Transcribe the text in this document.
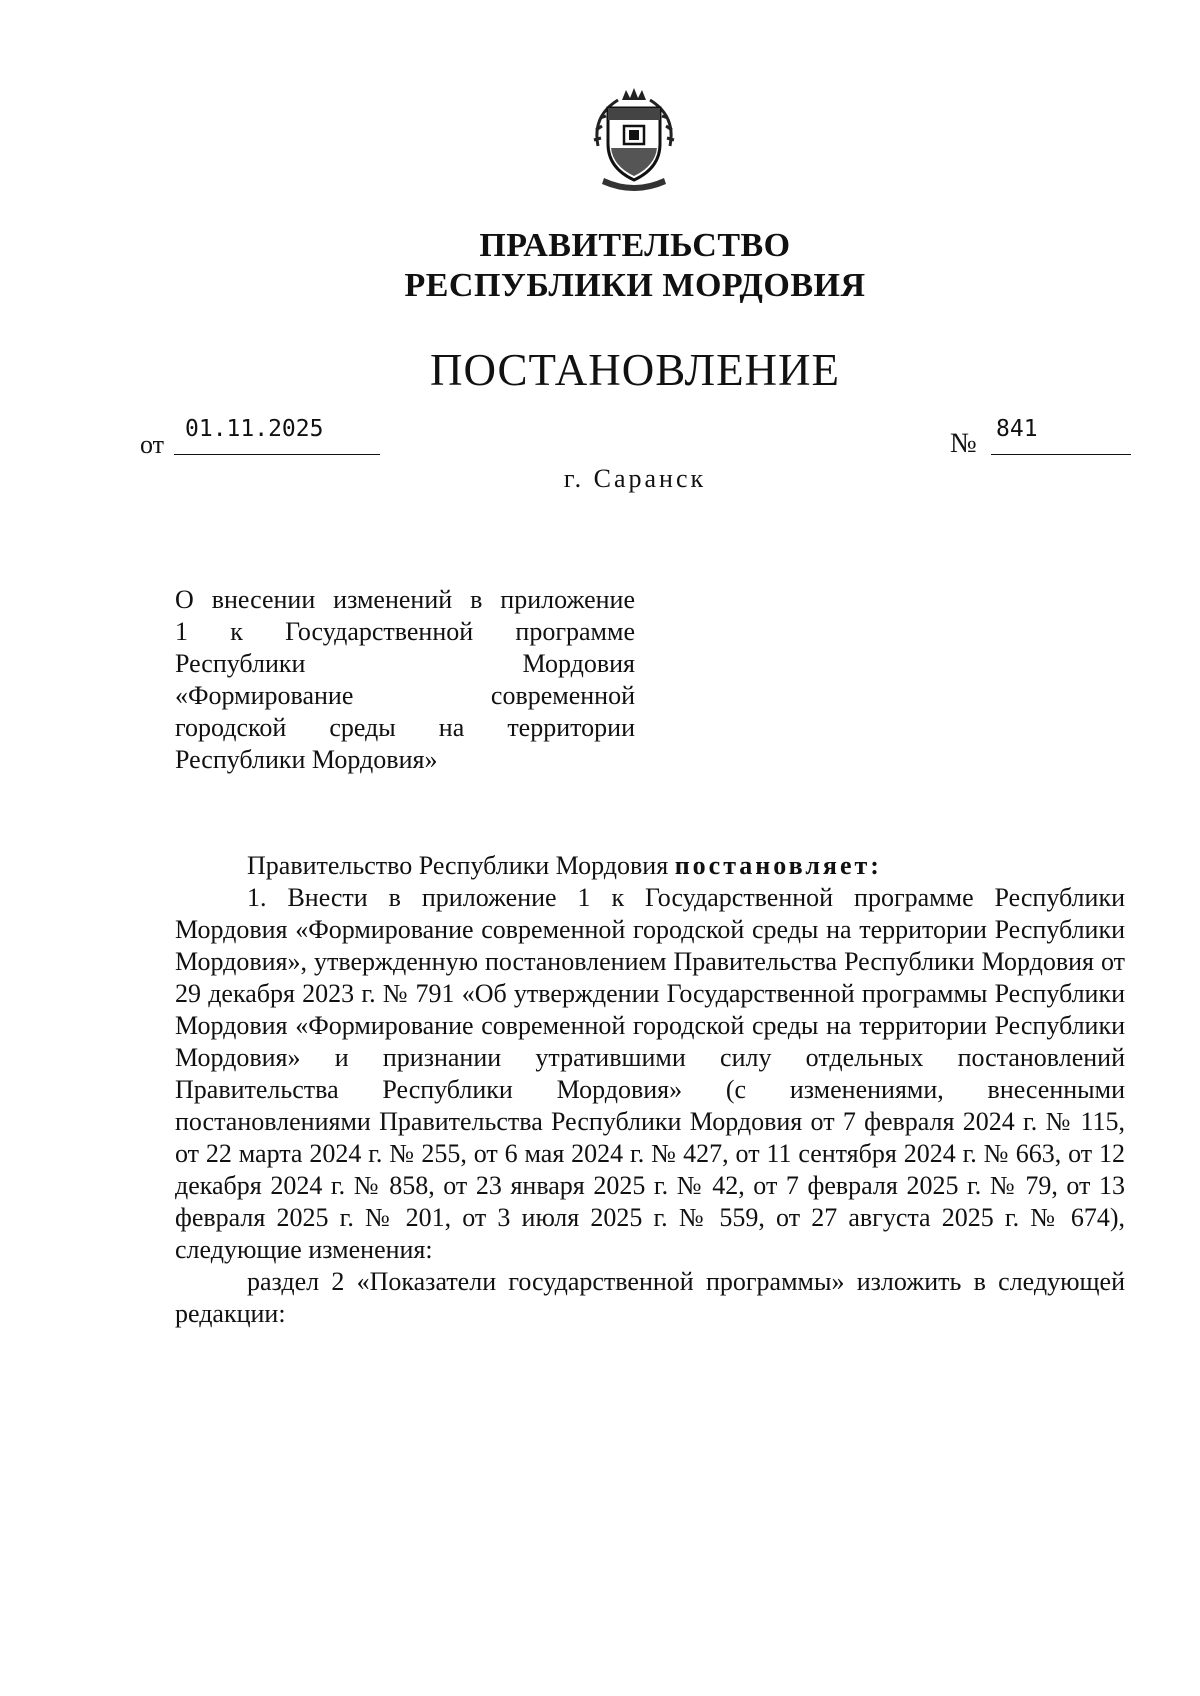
ПРАВИТЕЛЬСТВО
РЕСПУБЛИКИ МОРДОВИЯ
ПОСТАНОВЛЕНИЕ
от
01.11.2025	№ 841
г. Саранск
О внесении изменений в приложение
1 к Государственной программе
Республики Мордовия
«Формирование современной
городской среды на территории
Республики Мордовия»

Правительство Республики Мордовия постановляет:

1. Внести в приложение 1 к Государственной программе Республики Мордовия «Формирование современной городской среды на территории Республики Мордовия», утвержденную постановлением Правительства Республики Мордовия от 29 декабря 2023 г. № 791 «Об утверждении Государственной программы Республики Мордовия «Формирование современной городской среды на территории Республики Мордовия» и признании утратившими силу отдельных постановлений Правительства Республики Мордовия» (с изменениями, внесенными постановлениями Правительства Республики Мордовия от 7 февраля 2024 г. № 115, от 22 марта 2024 г. № 255, от 6 мая 2024 г. № 427, от 11 сентября 2024 г. № 663, от 12 декабря 2024 г. № 858, от 23 января 2025 г. № 42, от 7 февраля 2025 г. № 79, от 13 февраля 2025 г. № 201, от 3 июля 2025 г. № 559, от 27 августа 2025 г. № 674), следующие изменения:

раздел 2 «Показатели государственной программы» изложить в следующей редакции:
